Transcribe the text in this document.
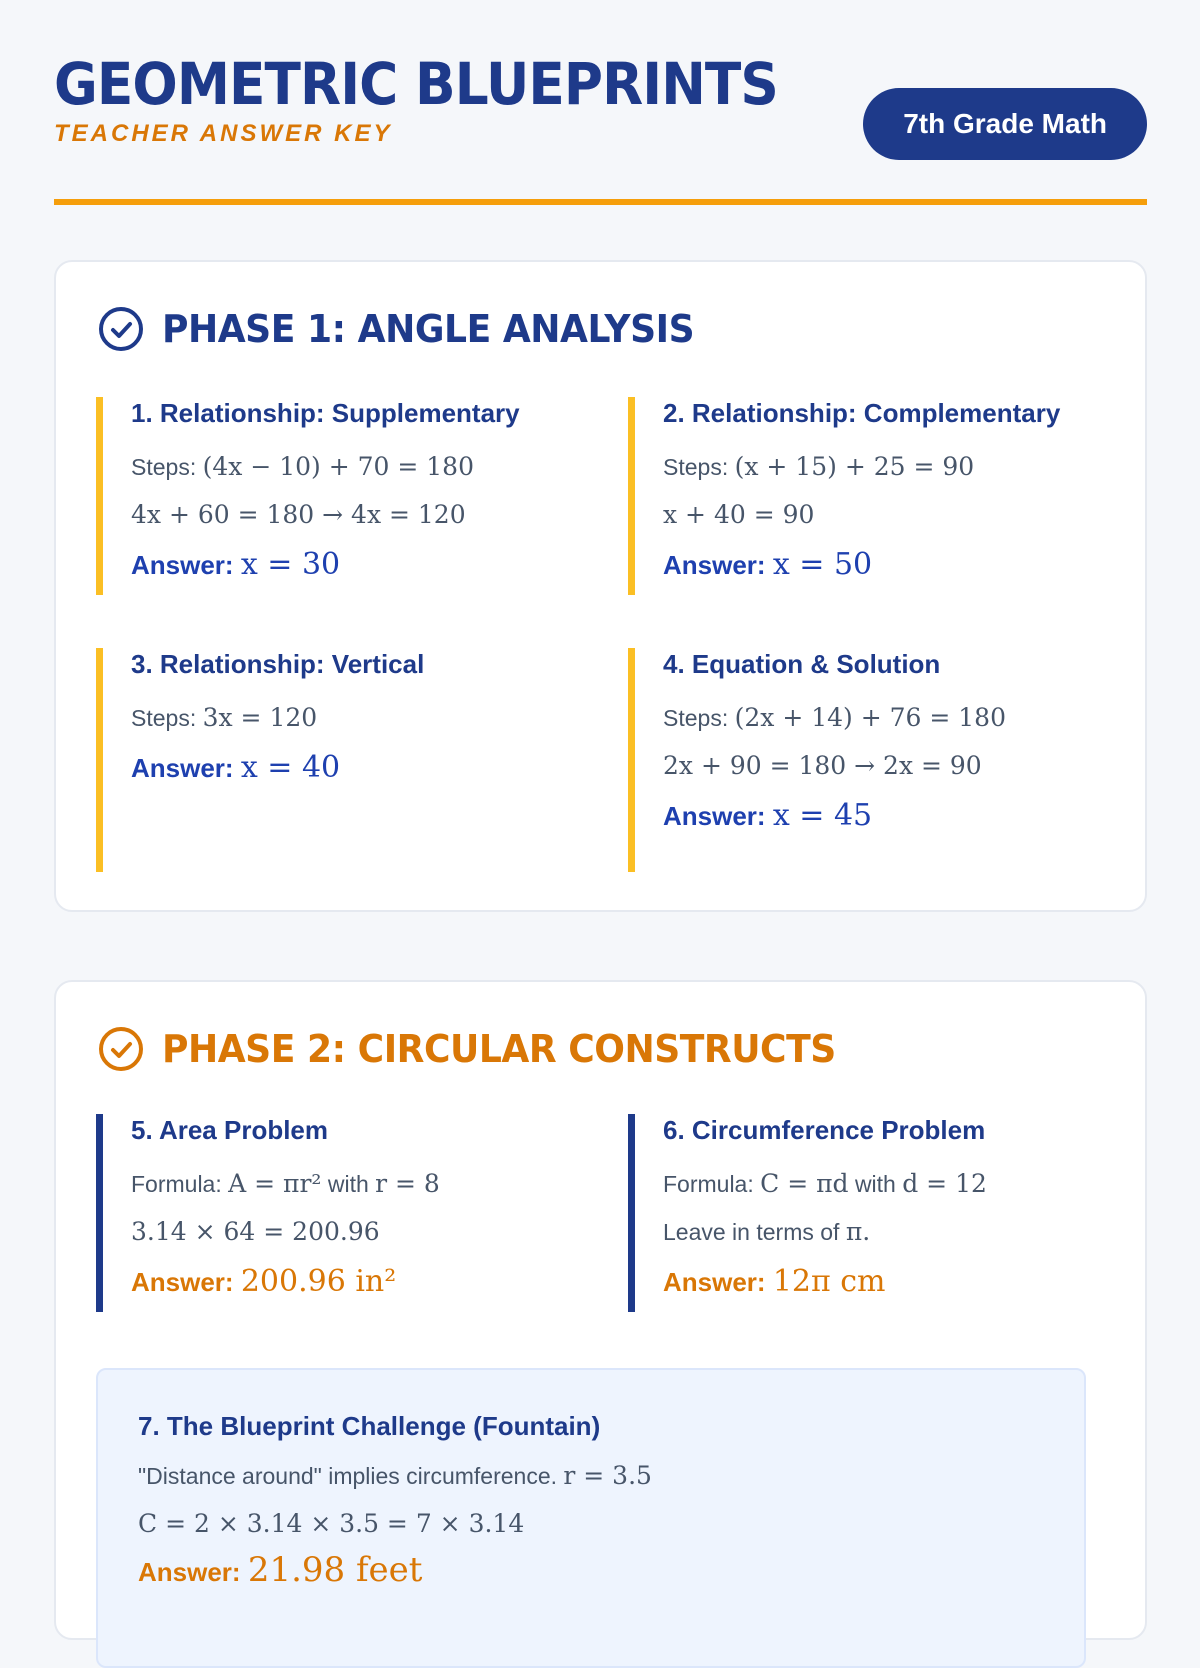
GEOMETRIC BLUEPRINTS
TEACHER ANSWER KEY	7th Grade Math
PHASE 1: ANGLE ANALYSIS
1. Relationship: Supplementary
Steps: (4x − 10) + 70 = 180
4x + 60 = 180 → 4x = 120
Answer: x = 30
2. Relationship: Complementary
Steps: (x + 15) + 25 = 90
x + 40 = 90
Answer: x = 50
3. Relationship: Vertical
Steps: 3x = 120
Answer: x = 40
4. Equation & Solution
Steps: (2x + 14) + 76 = 180
2x + 90 = 180 → 2x = 90
Answer: x = 45
PHASE 2: CIRCULAR CONSTRUCTS
5. Area Problem
Formula: A = πr² with r = 8
3.14 × 64 = 200.96
Answer: 200.96 in²
6. Circumference Problem
Formula: C = πd with d = 12
Leave in terms of π.
Answer: 12π cm
7. The Blueprint Challenge (Fountain)
"Distance around" implies circumference. r = 3.5
C = 2 × 3.14 × 3.5 = 7 × 3.14
Answer: 21.98 feet
